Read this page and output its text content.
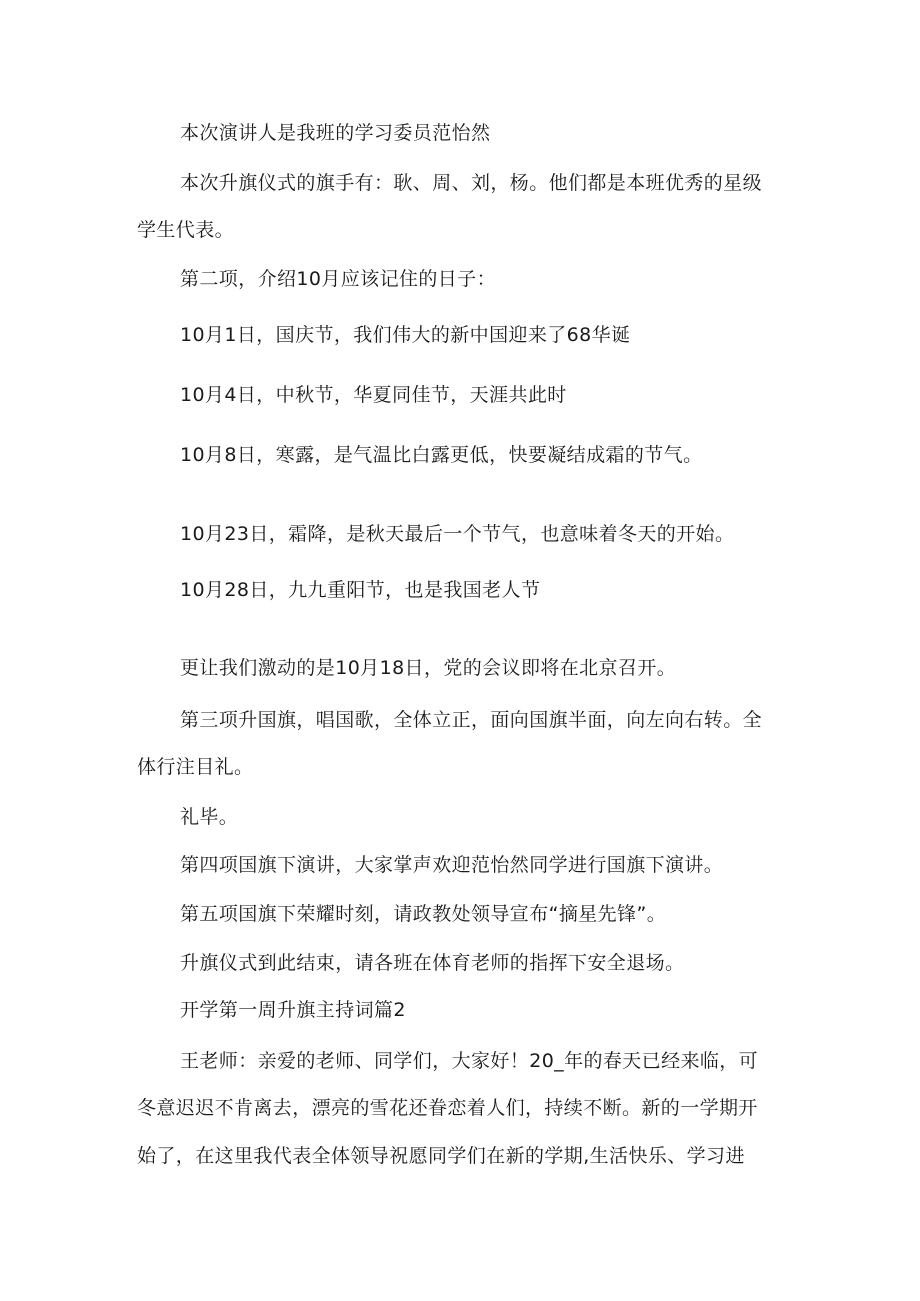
本次演讲人是我班的学习委员范怡然
本次升旗仪式的旗手有：耿、周、刘，杨。他们都是本班优秀的星级
学生代表。
第二项，介绍10月应该记住的日子：
10月1日，国庆节，我们伟大的新中国迎来了68华诞
10月4日，中秋节，华夏同佳节，天涯共此时
10月8日，寒露，是气温比白露更低，快要凝结成霜的节气。
10月23日，霜降，是秋天最后一个节气，也意味着冬天的开始。
10月28日，九九重阳节，也是我国老人节
更让我们激动的是10月18日，党的会议即将在北京召开。
第三项升国旗，唱国歌，全体立正，面向国旗半面，向左向右转。全
体行注目礼。
礼毕。
第四项国旗下演讲，大家掌声欢迎范怡然同学进行国旗下演讲。
第五项国旗下荣耀时刻，请政教处领导宣布“摘星先锋”。
升旗仪式到此结束，请各班在体育老师的指挥下安全退场。
开学第一周升旗主持词篇2
王老师：亲爱的老师、同学们，大家好！20_年的春天已经来临，可
冬意迟迟不肯离去，漂亮的雪花还眷恋着人们，持续不断。新的一学期开
始了，在这里我代表全体领导祝愿同学们在新的学期,生活快乐、学习进
